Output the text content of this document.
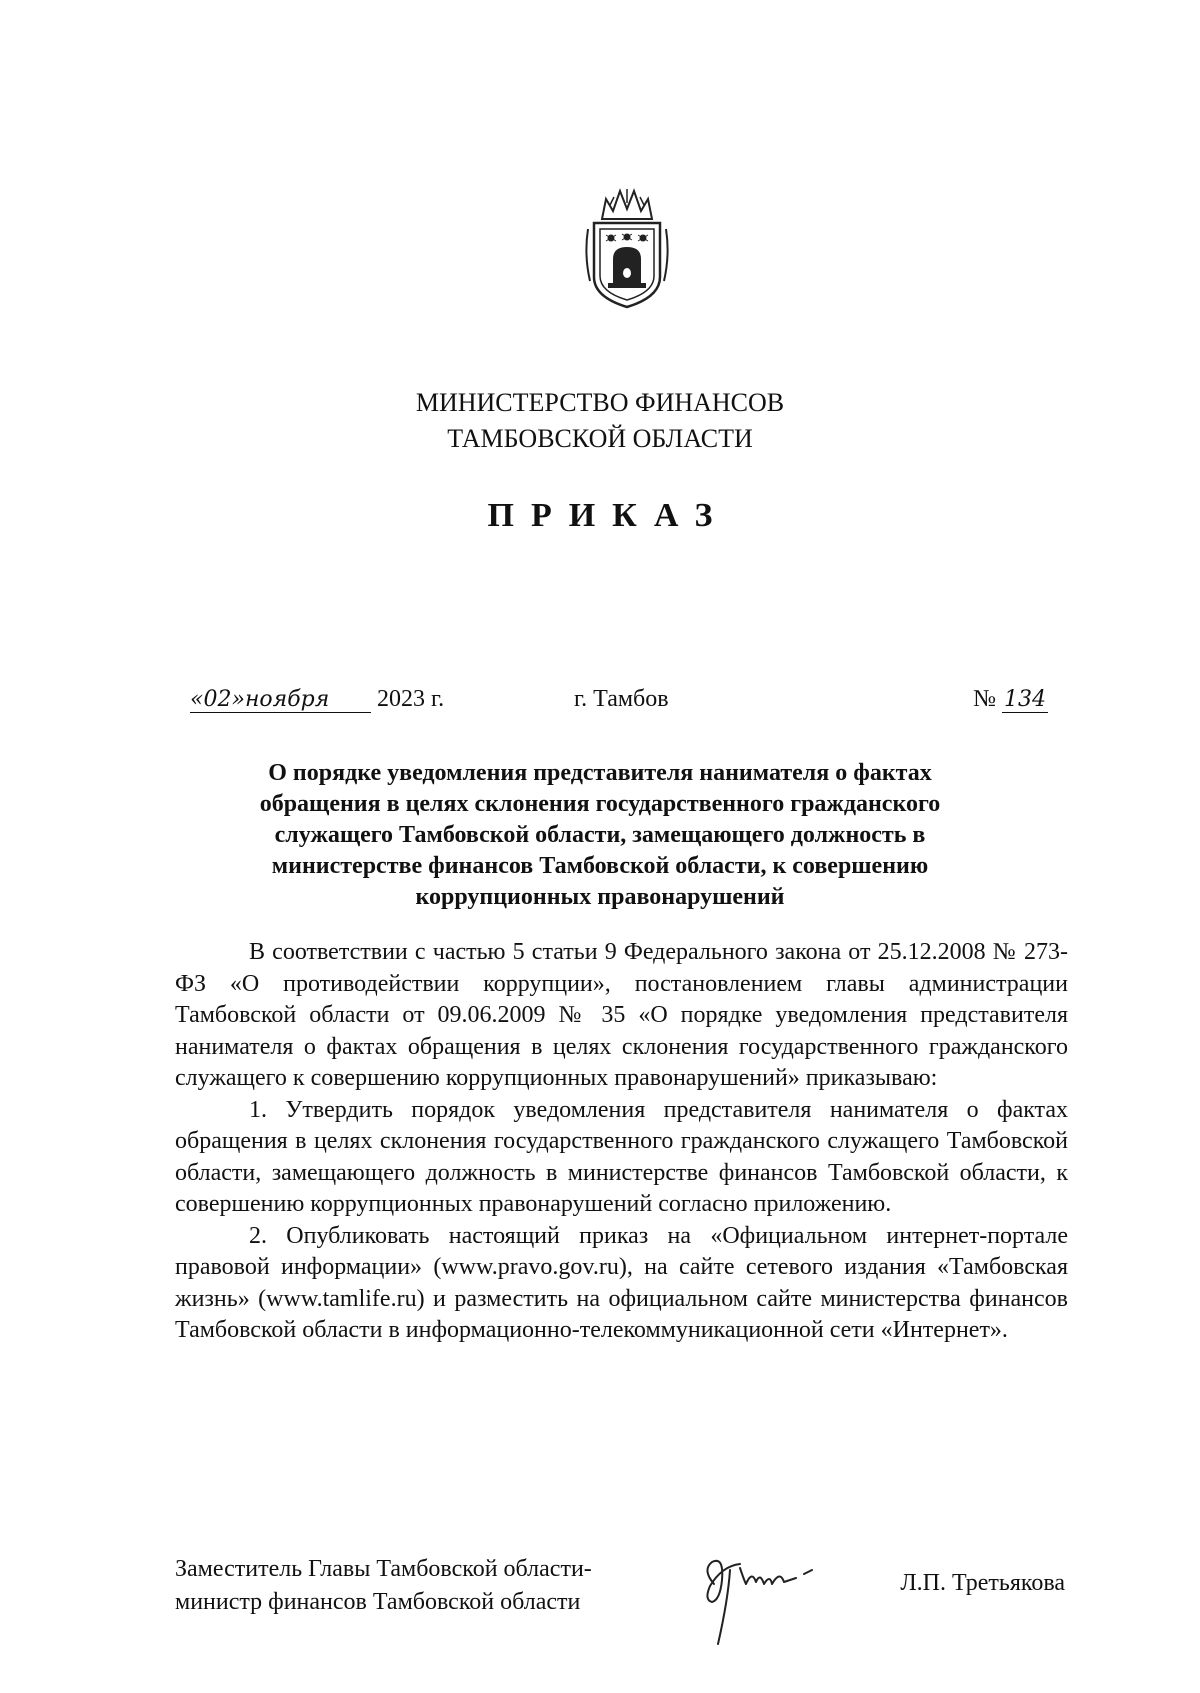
МИНИСТЕРСТВО ФИНАНСОВ
ТАМБОВСКОЙ ОБЛАСТИ
ПРИКАЗ
«02»ноября 2023 г.	г. Тамбов	№ 134
О порядке уведомления представителя нанимателя о фактах
обращения в целях склонения государственного гражданского
служащего Тамбовской области, замещающего должность в
министерстве финансов Тамбовской области, к совершению
коррупционных правонарушений

В соответствии с частью 5 статьи 9 Федерального закона от 25.12.2008 № 273-ФЗ «О противодействии коррупции», постановлением главы администрации Тамбовской области от 09.06.2009 № 35 «О порядке уведомления представителя нанимателя о фактах обращения в целях склонения государственного гражданского служащего к совершению коррупционных правонарушений» приказываю:

1. Утвердить порядок уведомления представителя нанимателя о фактах обращения в целях склонения государственного гражданского служащего Тамбовской области, замещающего должность в министерстве финансов Тамбовской области, к совершению коррупционных правонарушений согласно приложению.

2. Опубликовать настоящий приказ на «Официальном интернет-портале правовой информации» (www.pravo.gov.ru), на сайте сетевого издания «Тамбовская жизнь» (www.tamlife.ru) и разместить на официальном сайте министерства финансов Тамбовской области в информационно-телекоммуникационной сети «Интернет».

Заместитель Главы Тамбовской области-
министр финансов Тамбовской области
Л.П. Третьякова
